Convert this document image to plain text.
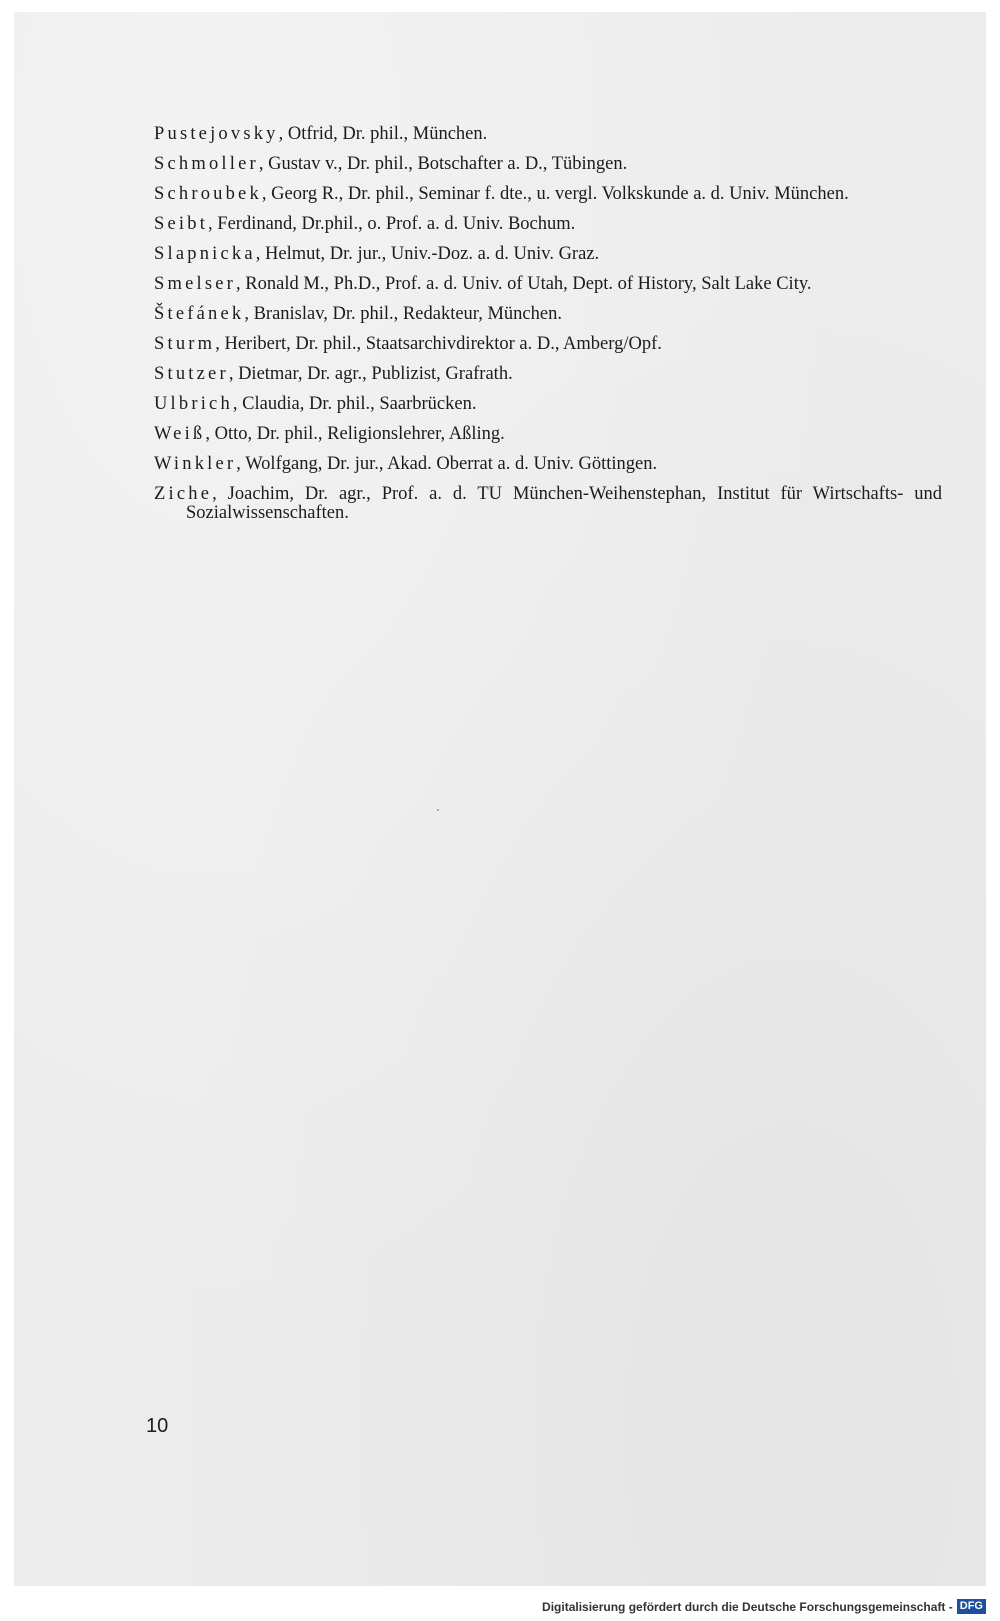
Pustejovsky, Otfrid, Dr. phil., München.

Schmoller, Gustav v., Dr. phil., Botschafter a. D., Tübingen.

Schroubek, Georg R., Dr. phil., Seminar f. dte., u. vergl. Volkskunde a. d. Univ. München.

Seibt, Ferdinand, Dr.phil., o. Prof. a. d. Univ. Bochum.

Slapnicka, Helmut, Dr. jur., Univ.-Doz. a. d. Univ. Graz.

Smelser, Ronald M., Ph.D., Prof. a. d. Univ. of Utah, Dept. of History, Salt Lake City.

Štefánek, Branislav, Dr. phil., Redakteur, München.

Sturm, Heribert, Dr. phil., Staatsarchivdirektor a. D., Amberg/Opf.

Stutzer, Dietmar, Dr. agr., Publizist, Grafrath.

Ulbrich, Claudia, Dr. phil., Saarbrücken.

Weiß, Otto, Dr. phil., Religionslehrer, Aßling.

Winkler, Wolfgang, Dr. jur., Akad. Oberrat a. d. Univ. Göttingen.

Ziche, Joachim, Dr. agr., Prof. a. d. TU München-Weihenstephan, Institut für Wirtschafts- und Sozialwissenschaften.

10
Digitalisierung gefördert durch die Deutsche Forschungsgemeinschaft - DFG
